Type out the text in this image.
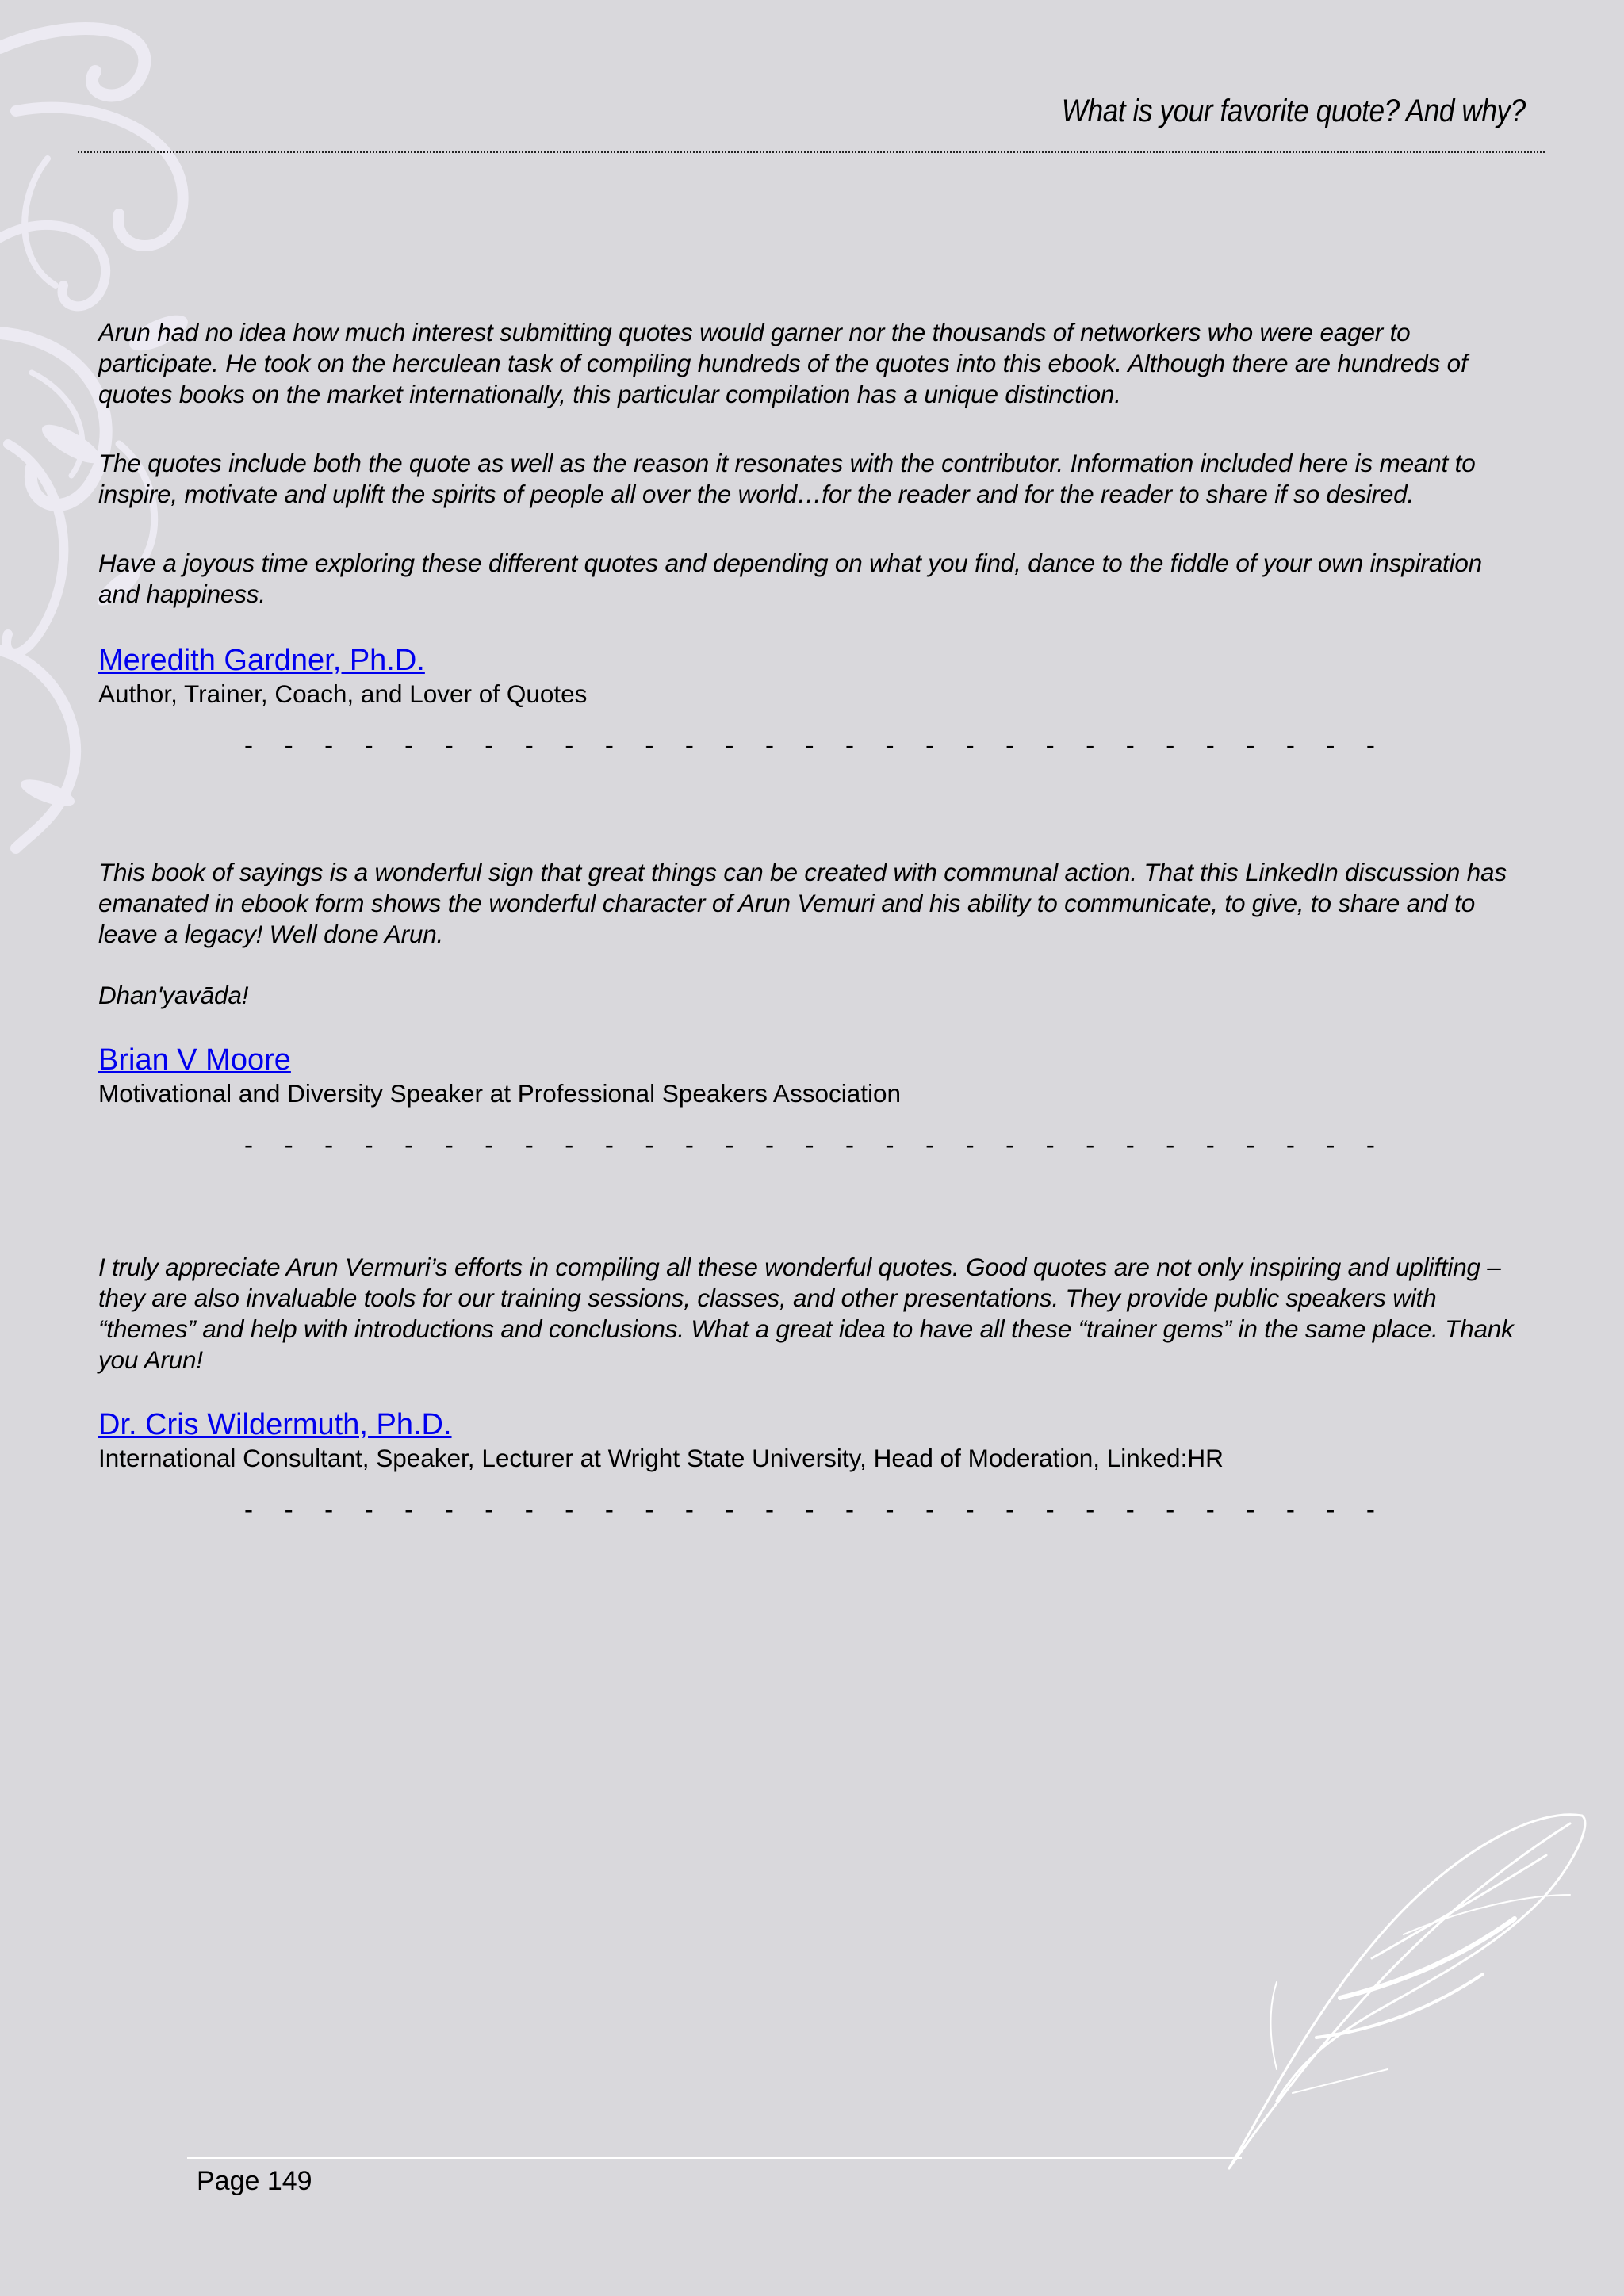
What is your favorite quote? And why?

Arun had no idea how much interest submitting quotes would garner nor the thousands of networkers who were eager to participate. He took on the herculean task of compiling hundreds of the quotes into this ebook. Although there are hundreds of quotes books on the market internationally, this particular compilation has a unique distinction.

The quotes include both the quote as well as the reason it resonates with the contributor. Information included here is meant to inspire, motivate and uplift the spirits of people all over the world…for the reader and for the reader to share if so desired.

Have a joyous time exploring these different quotes and depending on what you find, dance to the fiddle of your own inspiration and happiness.

Meredith Gardner, Ph.D.
Author, Trainer, Coach, and Lover of Quotes
- - - - - - - - - - - - - - - - - - - - - - - - - - - - -

This book of sayings is a wonderful sign that great things can be created with communal action. That this LinkedIn discussion has emanated in ebook form shows the wonderful character of Arun Vemuri and his ability to communicate, to give, to share and to leave a legacy! Well done Arun.

Dhan'yavāda!

Brian V Moore
Motivational and Diversity Speaker at Professional Speakers Association
- - - - - - - - - - - - - - - - - - - - - - - - - - - - -

I truly appreciate Arun Vermuri’s efforts in compiling all these wonderful quotes. Good quotes are not only inspiring and uplifting – they are also invaluable tools for our training sessions, classes, and other presentations. They provide public speakers with “themes” and help with introductions and conclusions. What a great idea to have all these “trainer gems” in the same place. Thank you Arun!

Dr. Cris Wildermuth, Ph.D.
International Consultant, Speaker, Lecturer at Wright State University, Head of Moderation, Linked:HR
- - - - - - - - - - - - - - - - - - - - - - - - - - - - -
Page 149
